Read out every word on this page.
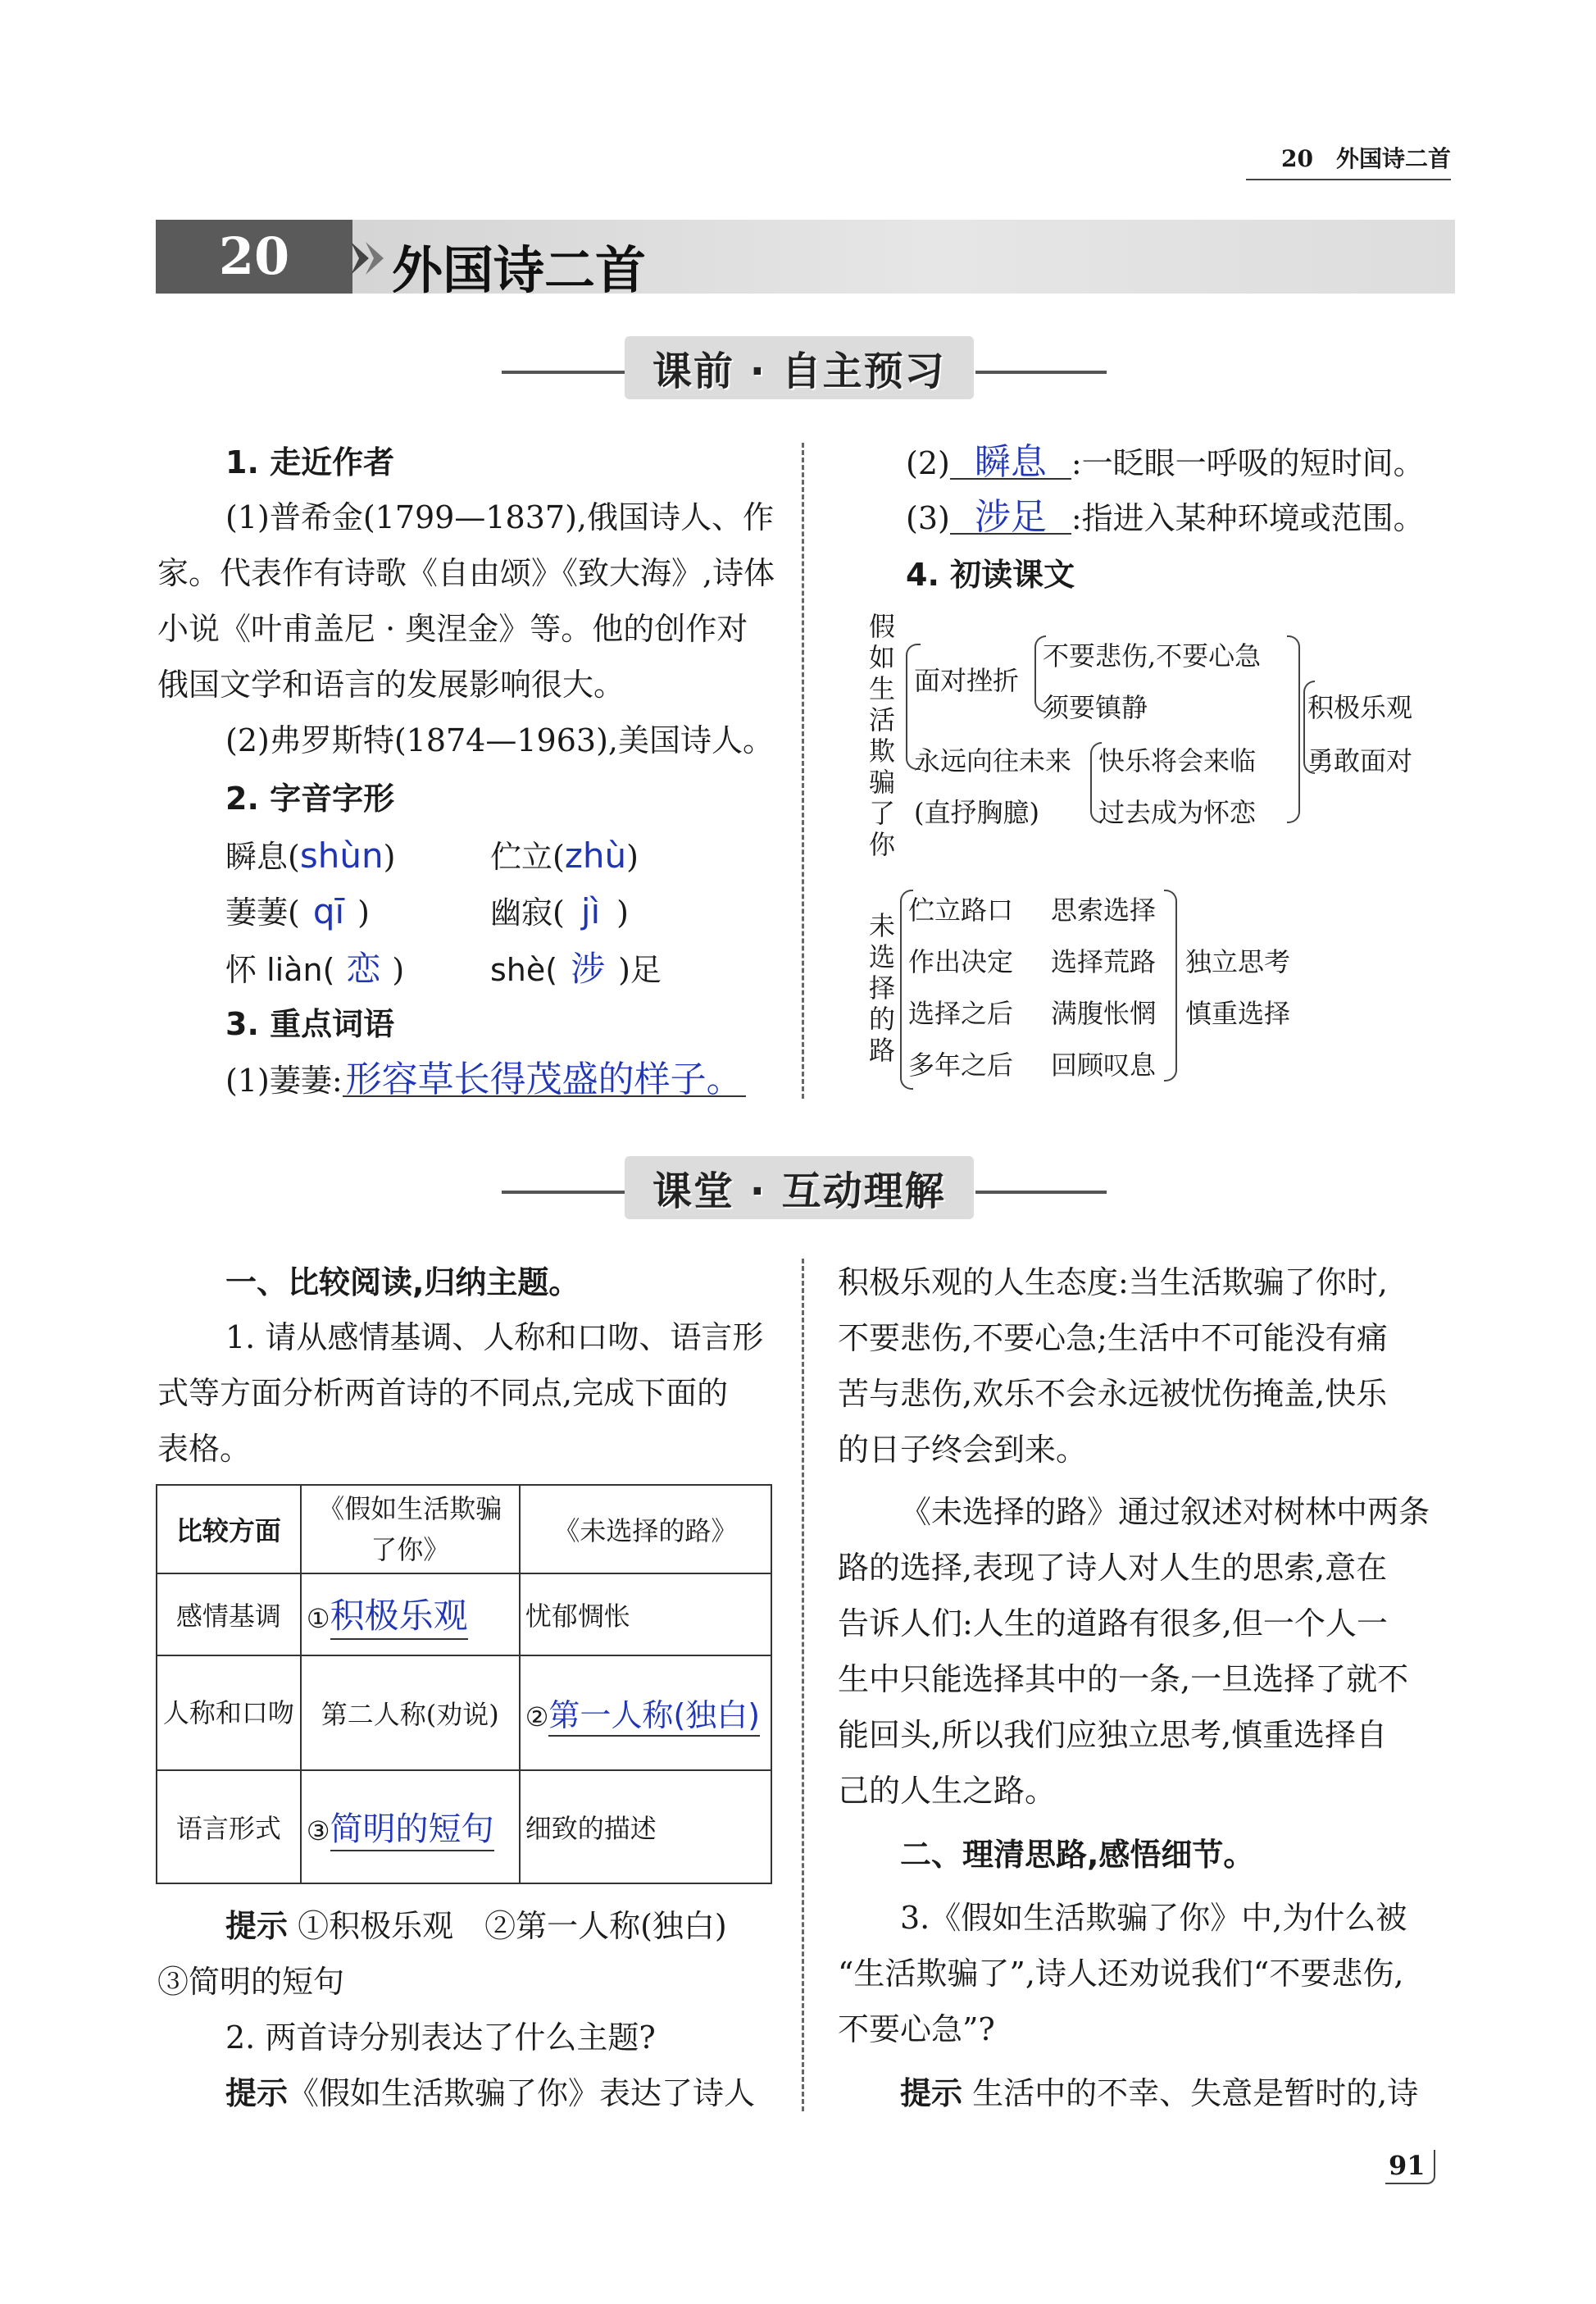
20　外国诗二首
20	外国诗二首
课前 · 自主预习
1. 走近作者
(1)普希金(1799—1837),俄国诗人、作
家。代表作有诗歌《自由颂》《致大海》,诗体
小说《叶甫盖尼 · 奥涅金》等。他的创作对
俄国文学和语言的发展影响很大。
(2)弗罗斯特(1874—1963),美国诗人。
2. 字音字形
瞬息(shùn)	伫立(zhù)
萋萋( qī )	幽寂( jì )
怀 liàn( 恋 )	shè( 涉 )足
3. 重点词语
(1)萋萋:形容草长得茂盛的样子。
(2) 瞬息 :一眨眼一呼吸的短时间。
(3) 涉足 :指进入某种环境或范围。
4. 初读课文
假如生活欺骗了你
面对挫折
不要悲伤,不要心急
须要镇静
永远向往未来
(直抒胸臆)
快乐将会来临
过去成为怀恋
积极乐观
勇敢面对
未选择的路
伫立路口 思索选择
作出决定 选择荒路
选择之后 满腹怅惘
多年之后 回顾叹息
独立思考
慎重选择
课堂 · 互动理解
一、比较阅读,归纳主题。
1. 请从感情基调、人称和口吻、语言形
式等方面分析两首诗的不同点,完成下面的
表格。
比较方面	《假如生活欺骗了你》	《未选择的路》
感情基调	①积极乐观	忧郁惆怅
人称和口吻	第二人称(劝说)	②第一人称(独白)
语言形式	③简明的短句	细致的描述
提示 ①积极乐观　②第一人称(独白)
③简明的短句
2. 两首诗分别表达了什么主题?
提示《假如生活欺骗了你》表达了诗人
积极乐观的人生态度:当生活欺骗了你时,
不要悲伤,不要心急;生活中不可能没有痛
苦与悲伤,欢乐不会永远被忧伤掩盖,快乐
的日子终会到来。
《未选择的路》通过叙述对树林中两条
路的选择,表现了诗人对人生的思索,意在
告诉人们:人生的道路有很多,但一个人一
生中只能选择其中的一条,一旦选择了就不
能回头,所以我们应独立思考,慎重选择自
己的人生之路。
二、理清思路,感悟细节。
3.《假如生活欺骗了你》中,为什么被
“生活欺骗了”,诗人还劝说我们“不要悲伤,
不要心急”?
提示 生活中的不幸、失意是暂时的,诗
91
